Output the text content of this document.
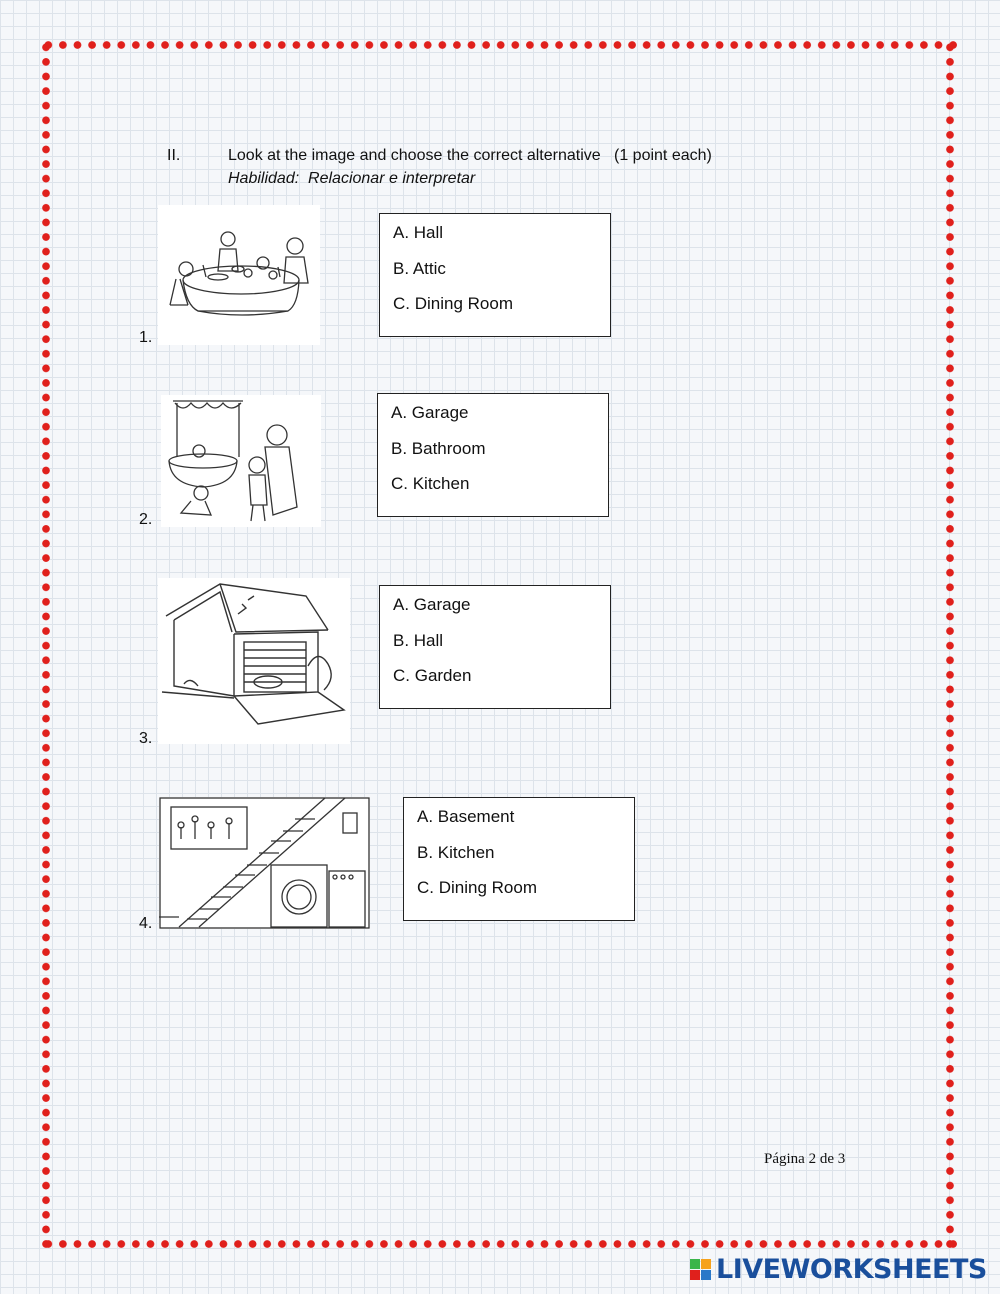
II.	Look at the image and choose the correct alternative   (1 point each)
Habilidad:  Relacionar e interpretar
1.
A. Hall
B. Attic
C. Dining Room
2.
A. Garage
B. Bathroom
C. Kitchen
3.
A. Garage
B. Hall
C. Garden
4.
A. Basement
B. Kitchen
C. Dining Room
Página 2 de 3
LIVEWORKSHEETS
